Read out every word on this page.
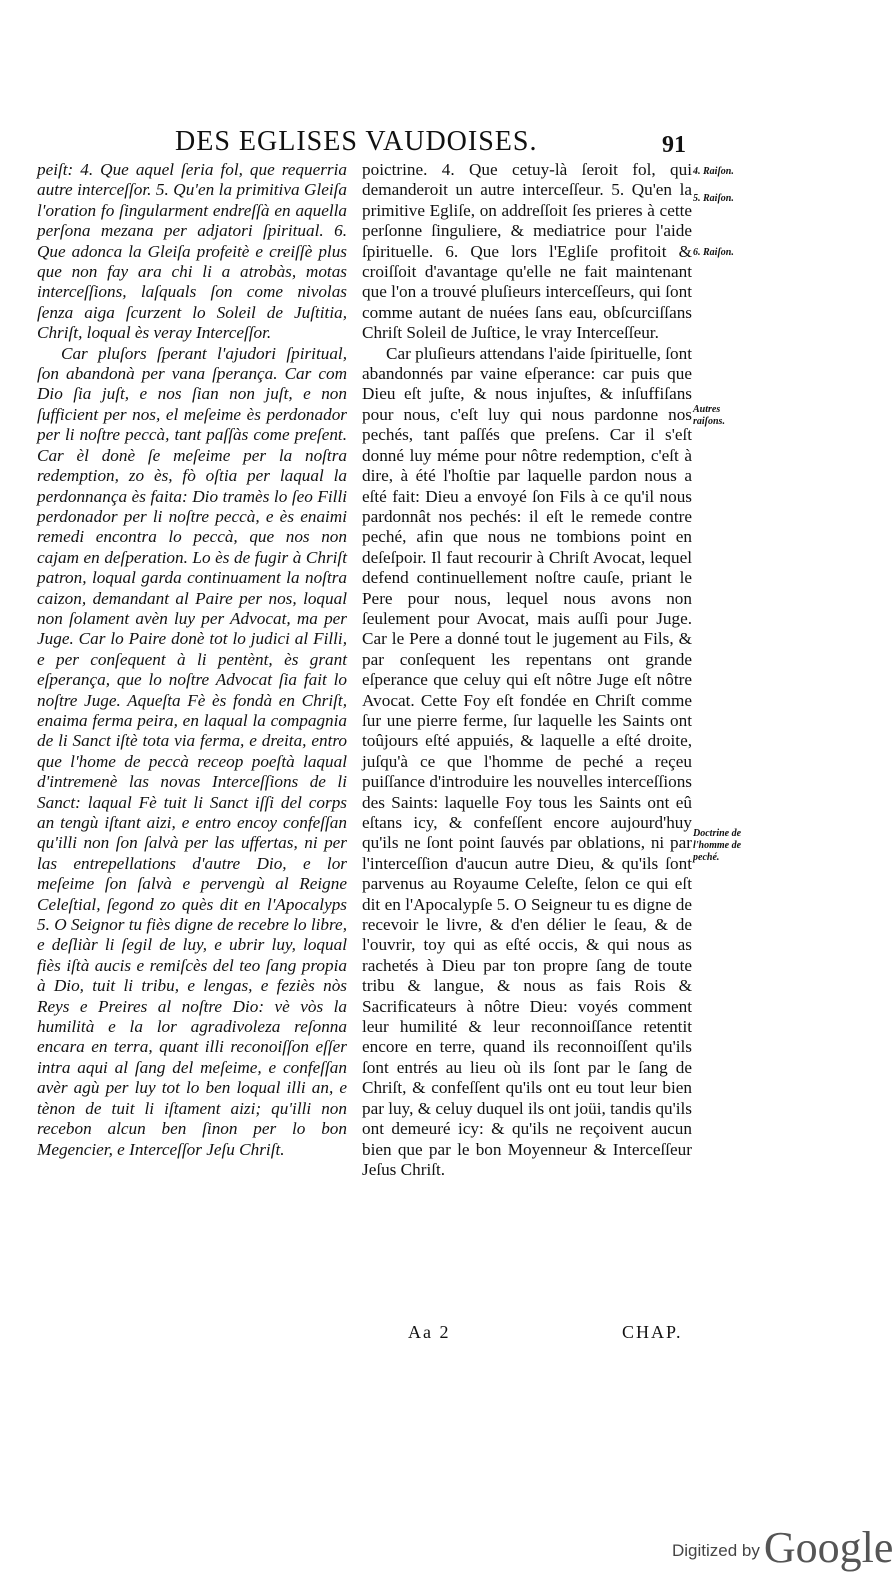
DES EGLISES VAUDOISES.	91

peiſt: 4. Que aquel ſeria fol, que requerria autre interceſſor. 5. Qu'en la primitiva Gleiſa l'oration fo ſingularment endreſſà en aquella perſona mezana per adjatori ſpiritual. 6. Que adonca la Gleiſa profeitè e creiſſè plus que non fay ara chi li a atrobàs, motas interceſſions, laſquals ſon come nivolas ſenza aiga ſcurzent lo Soleil de Juſtitia, Chriſt, loqual ès veray Interceſſor.

Car pluſors ſperant l'ajudori ſpiritual, ſon abandonà per vana ſperança. Car com Dio ſia juſt, e nos ſian non juſt, e non ſufficient per nos, el meſeime ès perdonador per li noſtre peccà, tant paſſàs come preſent. Car èl donè ſe meſeime per la noſtra redemption, zo ès, fò oſtia per laqual la perdonnança ès faita: Dio tramès lo ſeo Filli perdonador per li noſtre peccà, e ès enaimi remedi encontra lo peccà, que nos non cajam en deſperation. Lo ès de fugir à Chriſt patron, loqual garda continuament la noſtra caizon, demandant al Paire per nos, loqual non ſolament avèn luy per Advocat, ma per Juge. Car lo Paire donè tot lo judici al Filli, e per conſequent à li pentènt, ès grant eſperança, que lo noſtre Advocat ſia fait lo noſtre Juge. Aqueſta Fè ès fondà en Chriſt, enaima ferma peira, en laqual la compagnia de li Sanct iſtè tota via ferma, e dreita, entro que l'home de peccà receop poeſtà laqual d'intremenè las novas Interceſſions de li Sanct: laqual Fè tuit li Sanct iſſi del corps an tengù iſtant aizi, e entro encoy confeſſan qu'illi non ſon ſalvà per las uffertas, ni per las entrepellations d'autre Dio, e lor meſeime ſon ſalvà e pervengù al Reigne Celeſtial, ſegond zo quès dit en l'Apocalyps 5. O Seignor tu fiès digne de recebre lo libre, e deſliàr li ſegil de luy, e ubrir luy, loqual fiès iſtà aucis e remiſcès del teo ſang propia à Dio, tuit li tribu, e lengas, e feziès nòs Reys e Preires al noſtre Dio: vè vòs la humilità e la lor agradivoleza reſonna encara en terra, quant illi reconoiſſon eſſer intra aqui al ſang del meſeime, e confeſſan avèr agù per luy tot lo ben loqual illi an, e tènon de tuit li iſtament aizi; qu'illi non recebon alcun ben ſinon per lo bon Megencier, e Interceſſor Jeſu Chriſt.

poictrine. 4. Que cetuy-là ſeroit fol, qui demanderoit un autre interceſſeur. 5. Qu'en la primitive Egliſe, on addreſſoit ſes prieres à cette perſonne ſinguliere, & mediatrice pour l'aide ſpirituelle. 6. Que lors l'Egliſe profitoit & croiſſoit d'avantage qu'elle ne fait maintenant que l'on a trouvé pluſieurs interceſſeurs, qui ſont comme autant de nuées ſans eau, obſcurciſſans Chriſt Soleil de Juſtice, le vray Interceſſeur.

Car pluſieurs attendans l'aide ſpirituelle, ſont abandonnés par vaine eſperance: car puis que Dieu eſt juſte, & nous injuſtes, & inſuffiſans pour nous, c'eſt luy qui nous pardonne nos pechés, tant paſſés que preſens. Car il s'eſt donné luy méme pour nôtre redemption, c'eſt à dire, à été l'hoſtie par laquelle pardon nous a eſté fait: Dieu a envoyé ſon Fils à ce qu'il nous pardonnât nos pechés: il eſt le remede contre peché, afin que nous ne tombions point en deſeſpoir. Il faut recourir à Chriſt Avocat, lequel defend continuellement noſtre cauſe, priant le Pere pour nous, lequel nous avons non ſeulement pour Avocat, mais auſſi pour Juge. Car le Pere a donné tout le jugement au Fils, & par conſequent les repentans ont grande eſperance que celuy qui eſt nôtre Juge eſt nôtre Avocat. Cette Foy eſt fondée en Chriſt comme ſur une pierre ferme, ſur laquelle les Saints ont toûjours eſté appuiés, & laquelle a eſté droite, juſqu'à ce que l'homme de peché a reçeu puiſſance d'introduire les nouvelles interceſſions des Saints: laquelle Foy tous les Saints ont eû eſtans icy, & confeſſent encore aujourd'huy qu'ils ne ſont point ſauvés par oblations, ni par l'interceſſion d'aucun autre Dieu, & qu'ils ſont parvenus au Royaume Celeſte, ſelon ce qui eſt dit en l'Apocalypſe 5. O Seigneur tu es digne de recevoir le livre, & d'en délier le ſeau, & de l'ouvrir, toy qui as eſté occis, & qui nous as rachetés à Dieu par ton propre ſang de toute tribu & langue, & nous as fais Rois & Sacrificateurs à nôtre Dieu: voyés comment leur humilité & leur reconnoiſſance retentit encore en terre, quand ils reconnoiſſent qu'ils ſont entrés au lieu où ils ſont par le ſang de Chriſt, & confeſſent qu'ils ont eu tout leur bien par luy, & celuy duquel ils ont joüi, tandis qu'ils ont demeuré icy: & qu'ils ne reçoivent aucun bien que par le bon Moyenneur & Interceſſeur Jeſus Chriſt.

4. Raiſon.
5. Raiſon.
6. Raiſon.
Autres raiſons.
Doctrine de l'homme de peché.
Aa 2	CHAP.
Digitized byGoogle
